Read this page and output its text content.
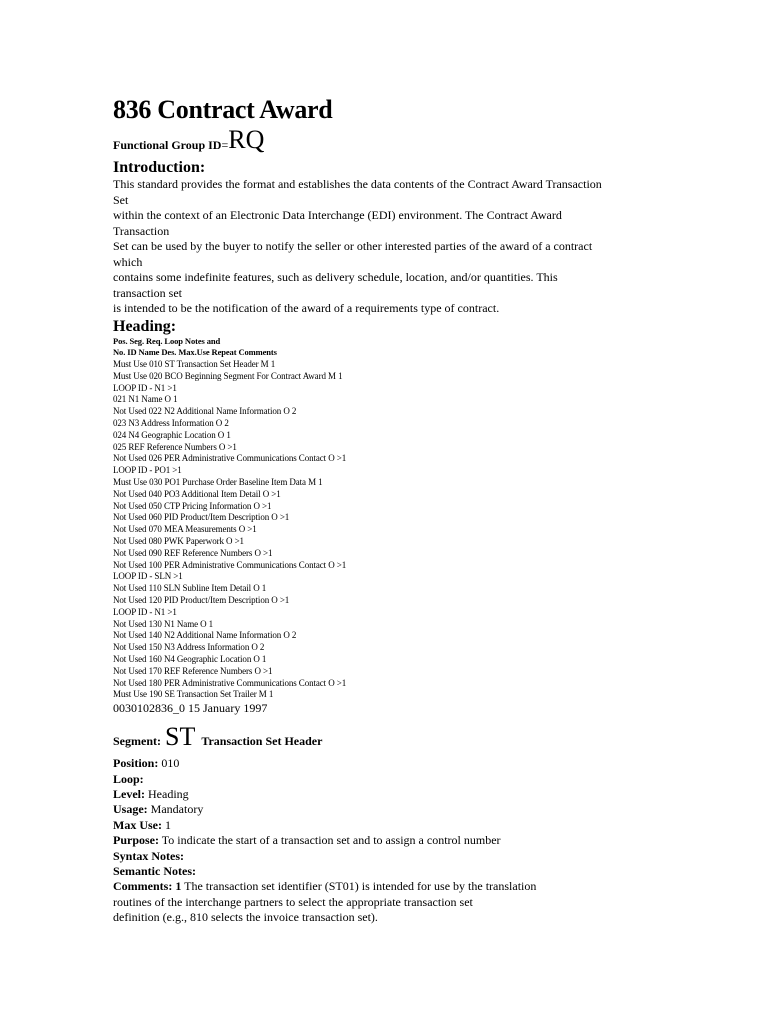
836 Contract Award
Functional Group ID=RQ
Introduction:
This standard provides the format and establishes the data contents of the Contract Award Transaction
Set
within the context of an Electronic Data Interchange (EDI) environment. The Contract Award
Transaction
Set can be used by the buyer to notify the seller or other interested parties of the award of a contract
which
contains some indefinite features, such as delivery schedule, location, and/or quantities. This
transaction set
is intended to be the notification of the award of a requirements type of contract.
Heading:
Pos. Seg. Req. Loop Notes and
No. ID Name Des. Max.Use Repeat Comments
Must Use 010 ST Transaction Set Header M 1
Must Use 020 BCO Beginning Segment For Contract Award M 1
LOOP ID - N1 >1
021 N1 Name O 1
Not Used 022 N2 Additional Name Information O 2
023 N3 Address Information O 2
024 N4 Geographic Location O 1
025 REF Reference Numbers O >1
Not Used 026 PER Administrative Communications Contact O >1
LOOP ID - PO1 >1
Must Use 030 PO1 Purchase Order Baseline Item Data M 1
Not Used 040 PO3 Additional Item Detail O >1
Not Used 050 CTP Pricing Information O >1
Not Used 060 PID Product/Item Description O >1
Not Used 070 MEA Measurements O >1
Not Used 080 PWK Paperwork O >1
Not Used 090 REF Reference Numbers O >1
Not Used 100 PER Administrative Communications Contact O >1
LOOP ID - SLN >1
Not Used 110 SLN Subline Item Detail O 1
Not Used 120 PID Product/Item Description O >1
LOOP ID - N1 >1
Not Used 130 N1 Name O 1
Not Used 140 N2 Additional Name Information O 2
Not Used 150 N3 Address Information O 2
Not Used 160 N4 Geographic Location O 1
Not Used 170 REF Reference Numbers O >1
Not Used 180 PER Administrative Communications Contact O >1
Must Use 190 SE Transaction Set Trailer M 1
0030102836_0 15 January 1997
Segment: ST Transaction Set Header
Position: 010
Loop:
Level: Heading
Usage: Mandatory
Max Use: 1
Purpose: To indicate the start of a transaction set and to assign a control number
Syntax Notes:
Semantic Notes:
Comments: 1 The transaction set identifier (ST01) is intended for use by the translation
routines of the interchange partners to select the appropriate transaction set
definition (e.g., 810 selects the invoice transaction set).
